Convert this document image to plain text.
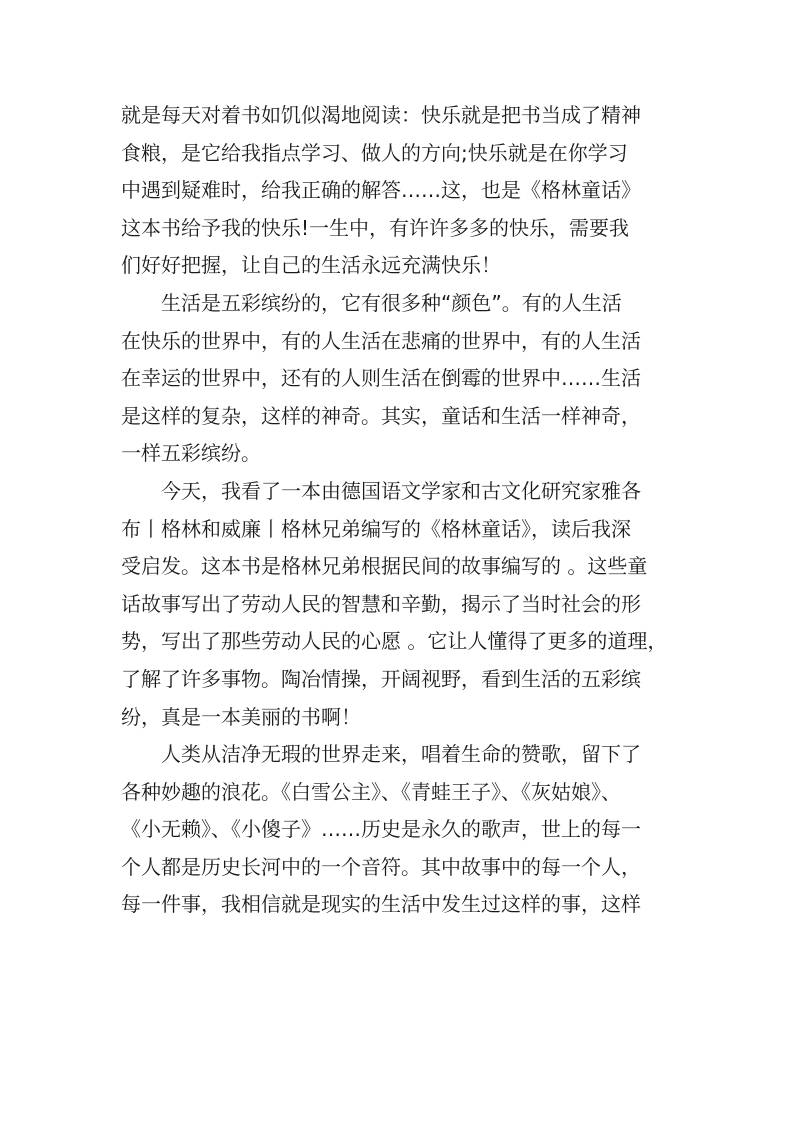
就是每天对着书如饥似渴地阅读：快乐就是把书当成了精神
食粮，是它给我指点学习、做人的方向;快乐就是在你学习
中遇到疑难时，给我正确的解答……这，也是《格林童话》
这本书给予我的快乐!一生中，有许许多多的快乐，需要我
们好好把握，让自己的生活永远充满快乐！
生活是五彩缤纷的，它有很多种“颜色”。有的人生活
在快乐的世界中，有的人生活在悲痛的世界中，有的人生活
在幸运的世界中，还有的人则生活在倒霉的世界中……生活
是这样的复杂，这样的神奇。其实，童话和生活一样神奇，
一样五彩缤纷。
今天，我看了一本由德国语文学家和古文化研究家雅各
布丨格林和威廉丨格林兄弟编写的《格林童话》，读后我深
受启发。这本书是格林兄弟根据民间的故事编写的 。这些童
话故事写出了劳动人民的智慧和辛勤，揭示了当时社会的形
势，写出了那些劳动人民的心愿 。它让人懂得了更多的道理，
了解了许多事物。陶冶情操，开阔视野，看到生活的五彩缤
纷，真是一本美丽的书啊！
人类从洁净无瑕的世界走来，唱着生命的赞歌，留下了
各种妙趣的浪花。《白雪公主》、《青蛙王子》、《灰姑娘》、
《小无赖》、《小傻子》……历史是永久的歌声，世上的每一
个人都是历史长河中的一个音符。其中故事中的每一个人，
每一件事，我相信就是现实的生活中发生过这样的事，这样
